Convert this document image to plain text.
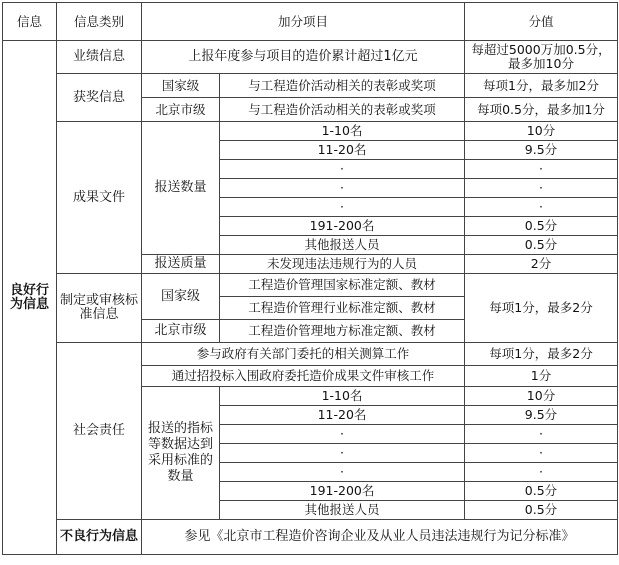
信息	信息类别	加分项目		分值
良好行为信息	业绩信息	上报年度参与项目的造价累计超过1亿元		每超过5000万加0.5分，最多加10分
	获奖信息	国家级	与工程造价活动相关的表彰或奖项	每项1分，最多加2分
		北京市级	与工程造价活动相关的表彰或奖项	每项0.5分，最多加1分
	成果文件	报送数量	1-10名	10分
			11-20名	9.5分
			·	·
			·	·
			·	·
			191-200名	0.5分
			其他报送人员	0.5分
		报送质量	未发现违法违规行为的人员	2分
	制定或审核标准信息	国家级	工程造价管理国家标准定额、教材	每项1分，最多2分
			工程造价管理行业标准定额、教材	
		北京市级	工程造价管理地方标准定额、教材	
	社会责任	参与政府有关部门委托的相关测算工作		每项1分，最多2分
		通过招投标入围政府委托造价成果文件审核工作		1分
		报送的指标等数据达到采用标准的数量	1-10名	10分
			11-20名	9.5分
			·	·
			·	·
			·	·
			191-200名	0.5分
			其他报送人员	0.5分
	不良行为信息	参见《北京市工程造价咨询企业及从业人员违法违规行为记分标准》		
